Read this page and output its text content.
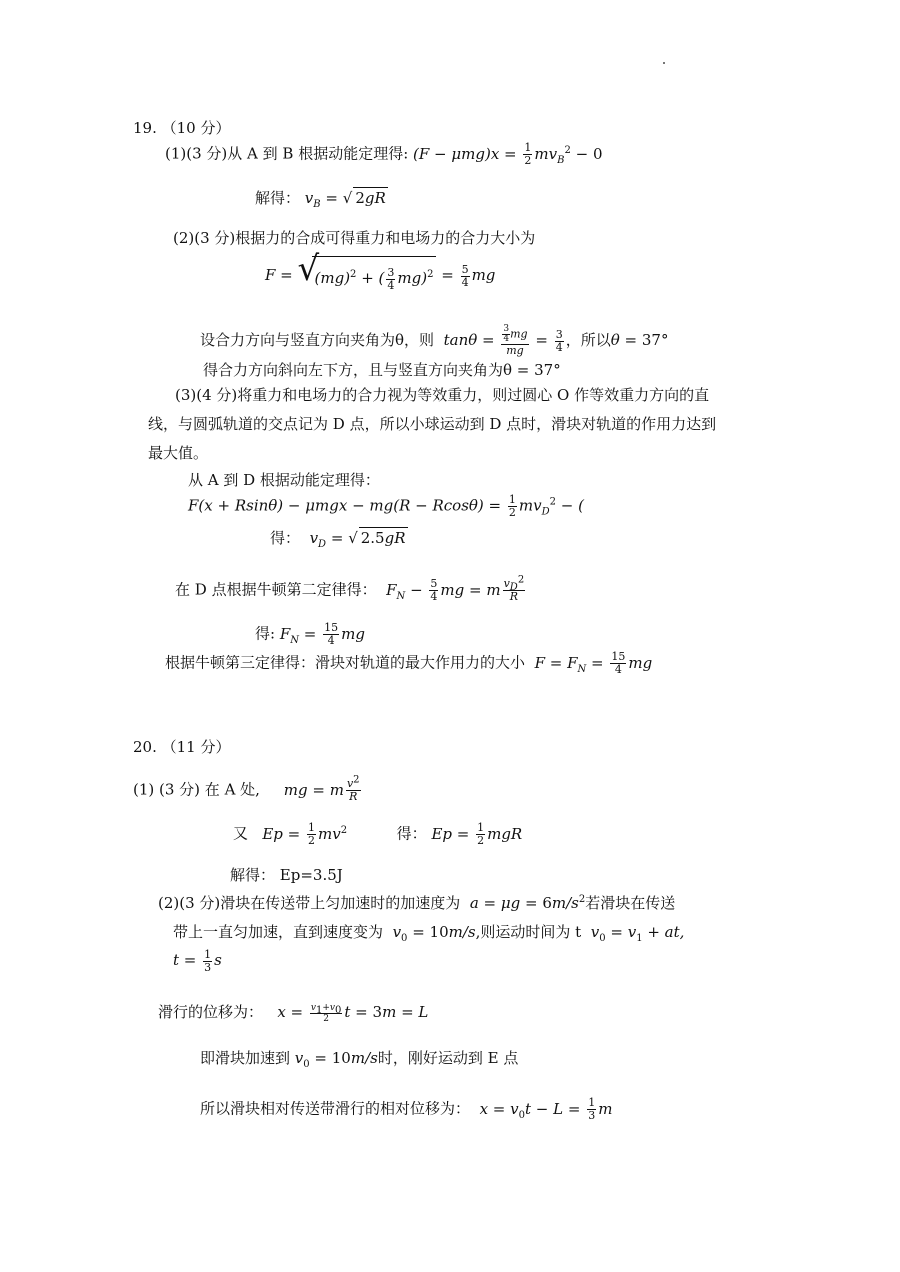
19. （10 分）
(1)(3 分)从 A 到 B 根据动能定理得: $(F - \mu mg)x = \frac{1}{2} mv_B^2 - 0$
解得： $v_B$ = √ 2gR
(2)(3 分)根据力的合成可得重力和电场力的合力大小为
F = √
(mg)$^2$ + ( $\frac{3}{4} mg)^2 = \frac{5}{4}$ mg
设合力方向与竖直方向夹角为θ，则  $\tan\theta = \frac{\frac{3}{4} mg}{mg} = \frac{3}{4}$ ，所以θ = 37°
得合力方向斜向左下方，且与竖直方向夹角为θ = 37°
(3)(4 分)将重力和电场力的合力视为等效重力，则过圆心 O 作等效重力方向的直
线，与圆弧轨道的交点记为 D 点，所以小球运动到 D 点时，滑块对轨道的作用力达到
最大值。
从 A 到 D 根据动能定理得：
$F(x + Rsin\theta) - \mu mgx - mg(R - Rcos\theta) = \frac{1}{2} mv_D^2$ − (
得：  $v_D$ = √ 2.5gR
在 D 点根据牛顿第二定律得：  $F_N - \frac{5}{4}$ mg = m $\frac{v_D^2}{R}$
得: $F_N = \frac{15}{4}$ mg
根据牛顿第三定律得：滑块对轨道的最大作用力的大小  $F = F_N = \frac{15}{4}$ mg
20. （11 分）
(1) (3 分) 在 A 处,     mg = m $\frac{v^2}{R}$
又   $Ep = \frac{1}{2} mv^2$	得： $Ep = \frac{1}{2}$ mgR
解得： Ep=3.5J
(2)(3 分)滑块在传送带上匀加速时的加速度为  $a = \mu g = 6m/s^2$若滑块在传送
带上一直匀加速，直到速度变为  $v_0 = 10m/s$,则运动时间为 t  $v_0 = v_1$ + at,
$t = \frac{1}{3}$ s
滑行的位移为：   $x = \frac{v_1+v_0}{2}$ t = 3m = L
即滑块加速到 $v_0 = 10m/s$时，刚好运动到 E 点
所以滑块相对传送带滑行的相对位移为：  $x = v_0t - L = \frac{1}{3}$ m
